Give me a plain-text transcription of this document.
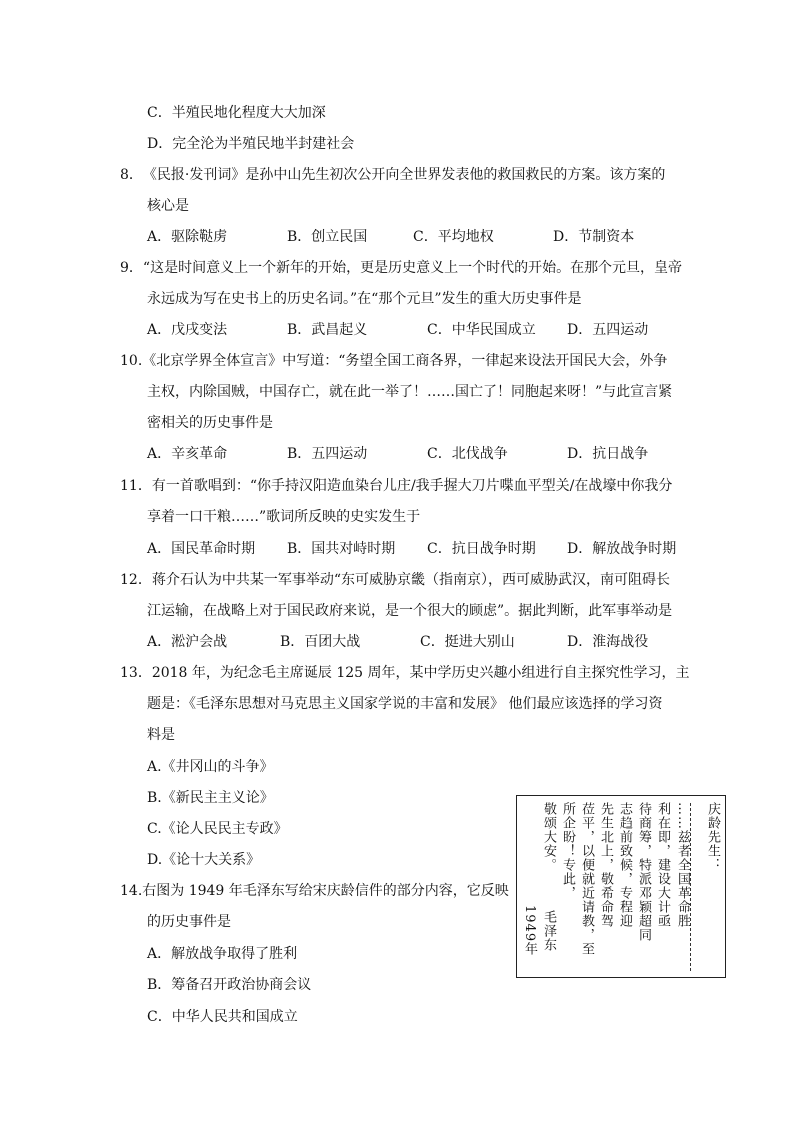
C．半殖民地化程度大大加深
D．完全沦为半殖民地半封建社会
8．　《民报·发刊词》是孙中山先生初次公开向全世界发表他的救国救民的方案。该方案的
核心是
A．驱除鞑虏	B．创立民国	C．平均地权	D．节制资本
9．“这是时间意义上一个新年的开始，更是历史意义上一个时代的开始。在那个元旦，皇帝
永远成为写在史书上的历史名词。”在“那个元旦”发生的重大历史事件是
A．戊戌变法	B．武昌起义	C．中华民国成立	D．五四运动
10.《北京学界全体宣言》中写道：“务望全国工商各界，一律起来设法开国民大会，外争
主权，内除国贼，中国存亡，就在此一举了！……国亡了！同胞起来呀！”与此宣言紧
密相关的历史事件是
A．辛亥革命	B．五四运动	C．北伐战争	D．抗日战争
11．有一首歌唱到：“你手持汉阳造血染台儿庄/我手握大刀片喋血平型关/在战壕中你我分
享着一口干粮……”歌词所反映的史实发生于
A．国民革命时期	B．国共对峙时期	C．抗日战争时期	D．解放战争时期
12．蒋介石认为中共某一军事举动“东可威胁京畿（指南京），西可威胁武汉，南可阻碍长
江运输，在战略上对于国民政府来说，是一个很大的顾虑”。据此判断，此军事举动是
A．淞沪会战	B．百团大战	C．挺进大别山	D．淮海战役
13．2018 年，为纪念毛主席诞辰 125 周年，某中学历史兴趣小组进行自主探究性学习，主
题是：《毛泽东思想对马克思主义国家学说的丰富和发展》 他们最应该选择的学习资
料是
A.《井冈山的斗争》
B.《新民主主义论》
C.《论人民民主专政》
D.《论十大关系》
14.右图为 1949 年毛泽东写给宋庆龄信件的部分内容，它反映
的历史事件是
A．解放战争取得了胜利
B．筹备召开政治协商会议
C．中华人民共和国成立
庆龄先生：
……兹者全国革命胜
利在即，建设大计亟
待商筹，特派邓颖超同
志趋前致候，专程迎
先生北上，敬希命驾
莅平，以便就近请教，至
所企盼！专此，
敬颂大安。
毛泽东
1949年
